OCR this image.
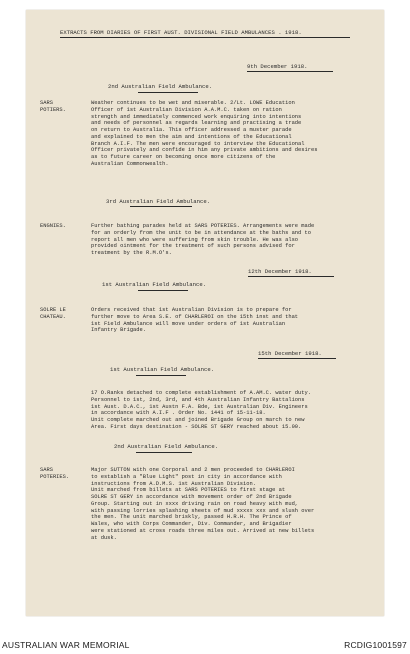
EXTRACTS FROM DIARIES OF FIRST AUST. DIVISIONAL FIELD AMBULANCES . 1918.
9th December 1918.
2nd Australian Field Ambulance.
SARS
POTIERS.
Weather continues to be wet and miserable. 2/Lt. LOWE Education
Officer of 1st Australian Division A.A.M.C. taken on ration
strength and immediately commenced work enquiring into intentions
and needs of personnel as regards learning and practising a trade
on return to Australia. This officer addressed a muster parade
and explained to men the aim and intentions of the Educational
Branch A.I.F. The men were encouraged to interview the Educational
Officer privately and confide in him any private ambitions and desires
as to future career on becoming once more citizens of the
Australian Commonwealth.
3rd Australian Field Ambulance.
ENGNIES.	Further bathing parades held at SARS POTERIES. Arrangements were made
for an orderly from the unit to be in attendance at the baths and to
report all men who were suffering from skin trouble. He was also
provided ointment for the treatment of such persons advised for
treatment by the R.M.O's.
12th December 1918.
1st Australian Field Ambulance.
SOLRE LE
CHATEAU.
Orders received that 1st Australian Division is to prepare for
further move to Area S.E. of CHARLEROI on the 15th inst and that
1st Field Ambulance will move under orders of 1st Australian
Infantry Brigade.
15th December 1918.
1st Australian Field Ambulance.
17 O.Ranks detached to complete establishment of A.AM.C. water duty.
Personnel to 1st, 2nd, 3rd, and 4th Australian Infantry Battalions
1st Aust. D.A.C., 1st Austn F.A. Bde, 1st Australian Div. Engineers
in accordance with A.I.F . Order No. 1441 of 15-11-18.
Unit complete marched out and joined Brigade Group on march to new
Area. First days destination - SOLRE ST GERY reached about 15.00.
2nd Australian Field Ambulance.
SARS
POTERIES.
Major SUTTON with one Corporal and 2 men proceeded to CHARLEROI
to establish a "Blue Light" post in city in accordance with
instructions from A.D.M.S. 1st Australian Division.
Unit marched from billets at SARS POTERIES to first stage at
SOLRE ST GERY in accordance with movement order of 2nd Brigade
Group. Starting out in xxxx driving rain on road heavy with mud,
with passing lorries splashing sheets of mud xxxxx xxx and slush over
the men. The unit marched briskly, passed H.R.H. The Prince of
Wales, who with Corps Commander, Div. Commander, and Brigadier
were stationed at cross roads three miles out. Arrived at new billets
at dusk.
AUSTRALIAN WAR MEMORIAL	RCDIG1001597
